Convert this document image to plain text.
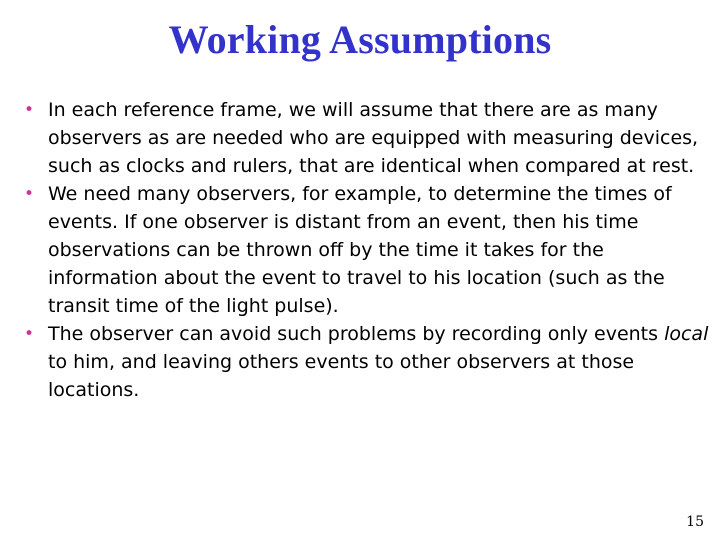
Working Assumptions
• In each reference frame, we will assume that there are as many observers as are needed who are equipped with measuring devices, such as clocks and rulers, that are identical when compared at rest.
• We need many observers, for example, to determine the times of events. If one observer is distant from an event, then his time observations can be thrown off by the time it takes for the information about the event to travel to his location (such as the transit time of the light pulse).
• The observer can avoid such problems by recording only events local to him, and leaving others events to other observers at those locations.
15
